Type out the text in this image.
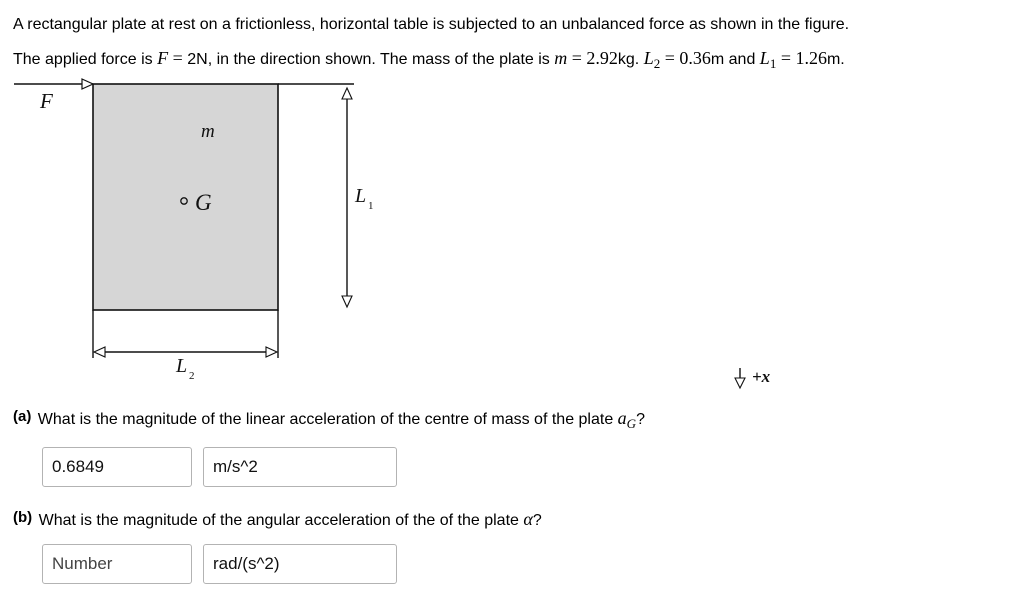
A rectangular plate at rest on a frictionless, horizontal table is subjected to an unbalanced force as shown in the figure.
The applied force is F = 2N, in the direction shown. The mass of the plate is m = 2.92kg. $L_2 = 0.36m$ and $L_1 = 1.26m$.
F
m
G	L 1
L 2	+x
(a) What is the magnitude of the linear acceleration of the centre of mass of the plate $a_G$?
0.6849
m/s^2
(b) What is the magnitude of the angular acceleration of the of the plate α?
Number
rad/(s^2)
